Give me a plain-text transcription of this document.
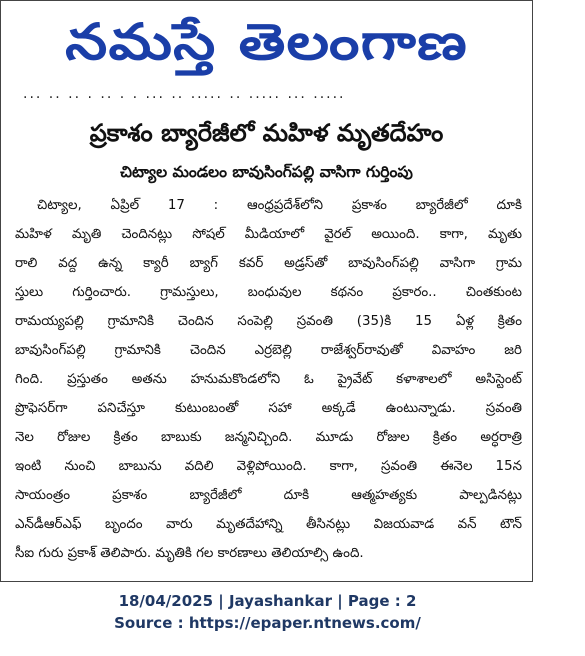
నమస్తే తెలంగాణ
··· ·· ·· · ·· · · ··· ·· ····· ·· ····· ··· ·····
ప్రకాశం బ్యారేజీలో మహిళ మృతదేహం
చిట్యాల మండలం బావుసింగ్‌పల్లి వాసిగా గుర్తింపు
చిట్యాల, ఏప్రిల్ 17 : ఆంధ్రప్రదేశ్‌లోని ప్రకాశం బ్యారేజీలో దూకి
మహిళ మృతి చెందినట్లు సోషల్ మీడియాలో వైరల్ అయింది. కాగా, మృతు
రాలి వద్ద ఉన్న క్యారీ బ్యాగ్ కవర్ అడ్రస్‌తో బావుసింగ్‌పల్లి వాసిగా గ్రామ
స్తులు గుర్తించారు. గ్రామస్తులు, బంధువుల కథనం ప్రకారం.. చింతకుంట
రామయ్యపల్లి గ్రామానికి చెందిన సంపెల్లి స్రవంతి (35)కి 15 ఏళ్ల క్రితం
బావుసింగ్‌పల్లి గ్రామానికి చెందిన ఎర్రబెల్లి రాజేశ్వర్‌రావుతో వివాహం జరి
గింది. ప్రస్తుతం అతను హనుమకొండలోని ఓ ప్రైవేట్ కళాశాలలో అసిస్టెంట్
ప్రొఫెసర్‌గా పనిచేస్తూ కుటుంబంతో సహా అక్కడే ఉంటున్నాడు. స్రవంతి
నెల రోజుల క్రితం బాబుకు జన్మనిచ్చింది. మూడు రోజుల క్రితం అర్ధరాత్రి
ఇంటి నుంచి బాబును వదిలి వెళ్లిపోయింది. కాగా, స్రవంతి ఈనెల 15న
సాయంత్రం ప్రకాశం బ్యారేజీలో దూకి ఆత్మహత్యకు పాల్పడినట్లు
ఎన్‌డీఆర్‌ఎఫ్ బృందం వారు మృతదేహాన్ని తీసినట్లు విజయవాడ వన్ టౌన్
సీఐ గురు ప్రకాశ్ తెలిపారు. మృతికి గల కారణాలు తెలియాల్సి ఉంది.
18/04/2025 | Jayashankar | Page : 2
Source : https://epaper.ntnews.com/
